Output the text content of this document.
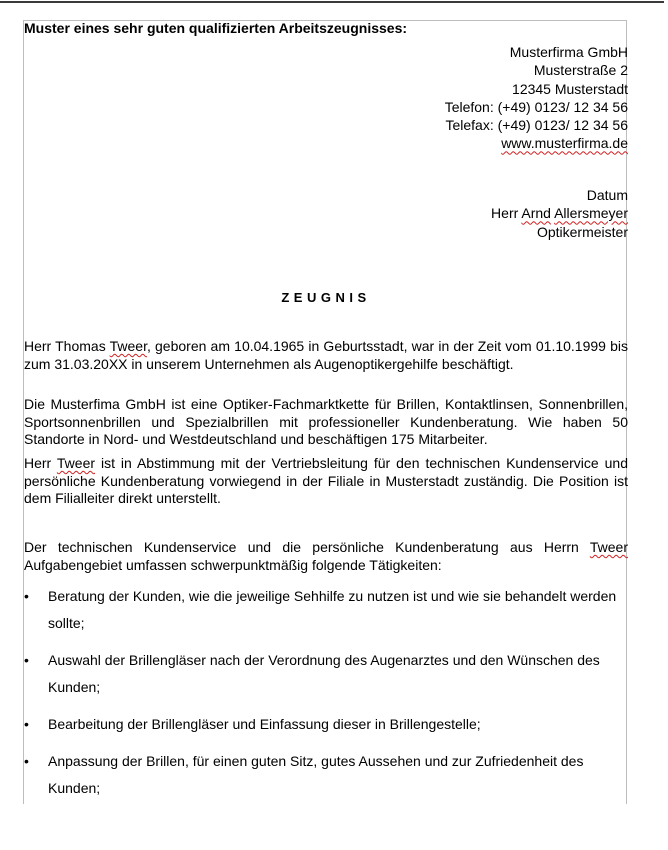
Muster eines sehr guten qualifizierten Arbeitszeugnisses:

Musterfirma GmbH
Musterstraße 2
12345 Musterstadt
Telefon: (+49) 0123/ 12 34 56
Telefax: (+49) 0123/ 12 34 56
www.musterfirma.de
Datum
Herr Arnd Allersmeyer
Optikermeister
ZEUGNIS
Herr Thomas Tweer, geboren am 10.04.1965 in Geburtsstadt, war in der Zeit vom 01.10.1999 bis zum 31.03.20XX in unserem Unternehmen als Augenoptikergehilfe beschäftigt.
Die Musterfima GmbH ist eine Optiker-Fachmarktkette für Brillen, Kontaktlinsen, Sonnenbrillen, Sportsonnenbrillen und Spezialbrillen mit professioneller Kundenberatung. Wie haben 50 Standorte in Nord- und Westdeutschland und beschäftigen 175 Mitarbeiter.
Herr Tweer ist in Abstimmung mit der Vertriebsleitung für den technischen Kundenservice und persönliche Kundenberatung vorwiegend in der Filiale in Musterstadt zuständig. Die Position ist dem Filialleiter direkt unterstellt.
Der technischen Kundenservice und die persönliche Kundenberatung aus Herrn Tweer Aufgabengebiet umfassen schwerpunktmäßig folgende Tätigkeiten:
• Beratung der Kunden, wie die jeweilige Sehhilfe zu nutzen ist und wie sie behandelt werden sollte;
• Auswahl der Brillengläser nach der Verordnung des Augenarztes und den Wünschen des Kunden;
• Bearbeitung der Brillengläser und Einfassung dieser in Brillengestelle;
• Anpassung der Brillen, für einen guten Sitz, gutes Aussehen und zur Zufriedenheit des Kunden;
